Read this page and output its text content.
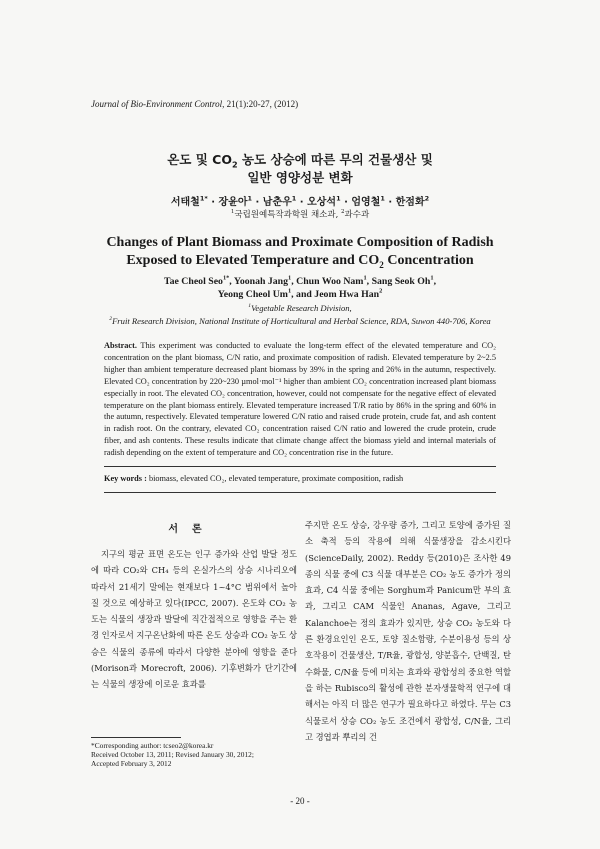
Journal of Bio-Environment Control, 21(1):20-27, (2012)
온도 및 $CO_2$ 농도 상승에 따른 무의 건물생산 및
일반 영양성분 변화
서태철$^{1*}$ · 장윤아$^1$ · 남춘우$^1$ · 오상석$^1$ · 엄영철$^1$ · 한점화$^2$
$^1$국립원예특작과학원 채소과, $^2$과수과
Changes of Plant Biomass and Proximate Composition of Radish
Exposed to Elevated Temperature and $CO_2$ Concentration
Tae Cheol Seo$^{1*}$, Yoonah Jang$^1$, Chun Woo Nam$^1$, Sang Seok Oh$^1$,
Yeong Cheol Um$^1$, and Jeom Hwa Han$^2$
$^1$Vegetable Research Division,
$^2$Fruit Research Division, National Institute of Horticultural and Herbal Science, RDA, Suwon 440-706, Korea
Abstract. This experiment was conducted to evaluate the long-term effect of the elevated temperature and CO₂ concentration on the plant biomass, C/N ratio, and proximate composition of radish. Elevated temperature by 2~2.5 higher than ambient temperature decreased plant biomass by 39% in the spring and 26% in the autumn, respectively. Elevated CO₂ concentration by 220~230 µmol·mol⁻¹ higher than ambient CO₂ concentration increased plant biomass especially in root. The elevated CO₂ concentration, however, could not compensate for the negative effect of elevated temperature on the plant biomass entirely. Elevated temperature increased T/R ratio by 86% in the spring and 60% in the autumn, respectively. Elevated temperature lowered C/N ratio and raised crude protein, crude fat, and ash content in radish root. On the contrary, elevated CO₂ concentration raised C/N ratio and lowered the crude protein, crude fiber, and ash contents. These results indicate that climate change affect the biomass yield and internal materials of radish depending on the extent of temperature and CO₂ concentration rise in the future.
Key words : biomass, elevated CO₂, elevated temperature, proximate composition, radish
서론
지구의 평균 표면 온도는 인구 증가와 산업 발달 정도에 따라 CO₂와 CH₄ 등의 온실가스의 상승 시나리오에 따라서 21세기 말에는 현재보다 1~4°C 범위에서 높아질 것으로 예상하고 있다(IPCC, 2007). 온도와 CO₂ 농도는 식물의 생장과 발달에 직간접적으로 영향을 주는 환경 인자로서 지구온난화에 따른 온도 상승과 CO₂ 농도 상승은 식물의 종류에 따라서 다양한 분야에 영향을 준다(Morison과 Morecroft, 2006). 기후변화가 단기간에는 식물의 생장에 이로운 효과를
주지만 온도 상승, 강우량 증가, 그리고 토양에 증가된 질소 축적 등의 작용에 의해 식물생장을 감소시킨다(ScienceDaily, 2002). Reddy 등(2010)은 조사한 49종의 식물 중에 C3 식물 대부분은 CO₂ 농도 증가가 정의 효과, C4 식물 중에는 Sorghum과 Panicum만 부의 효과, 그리고 CAM 식물인 Ananas, Agave, 그리고 Kalanchoe는 정의 효과가 있지만, 상승 CO₂ 농도와 다른 환경요인인 온도, 토양 질소함량, 수분이용성 등의 상호작용이 건물생산, T/R율, 광합성, 양분흡수, 단백질, 탄수화물, C/N율 등에 미치는 효과와 광합성의 중요한 역할을 하는 Rubisco의 활성에 관한 분자생물학적 연구에 대해서는 아직 더 많은 연구가 필요하다고 하였다. 무는 C3 식물로서 상승 CO₂ 농도 조건에서 광합성, C/N율, 그리고 경엽과 뿌리의 건
*Corresponding author: tcseo2@korea.kr
Received October 13, 2011; Revised January 30, 2012;
Accepted February 3, 2012
- 20 -
